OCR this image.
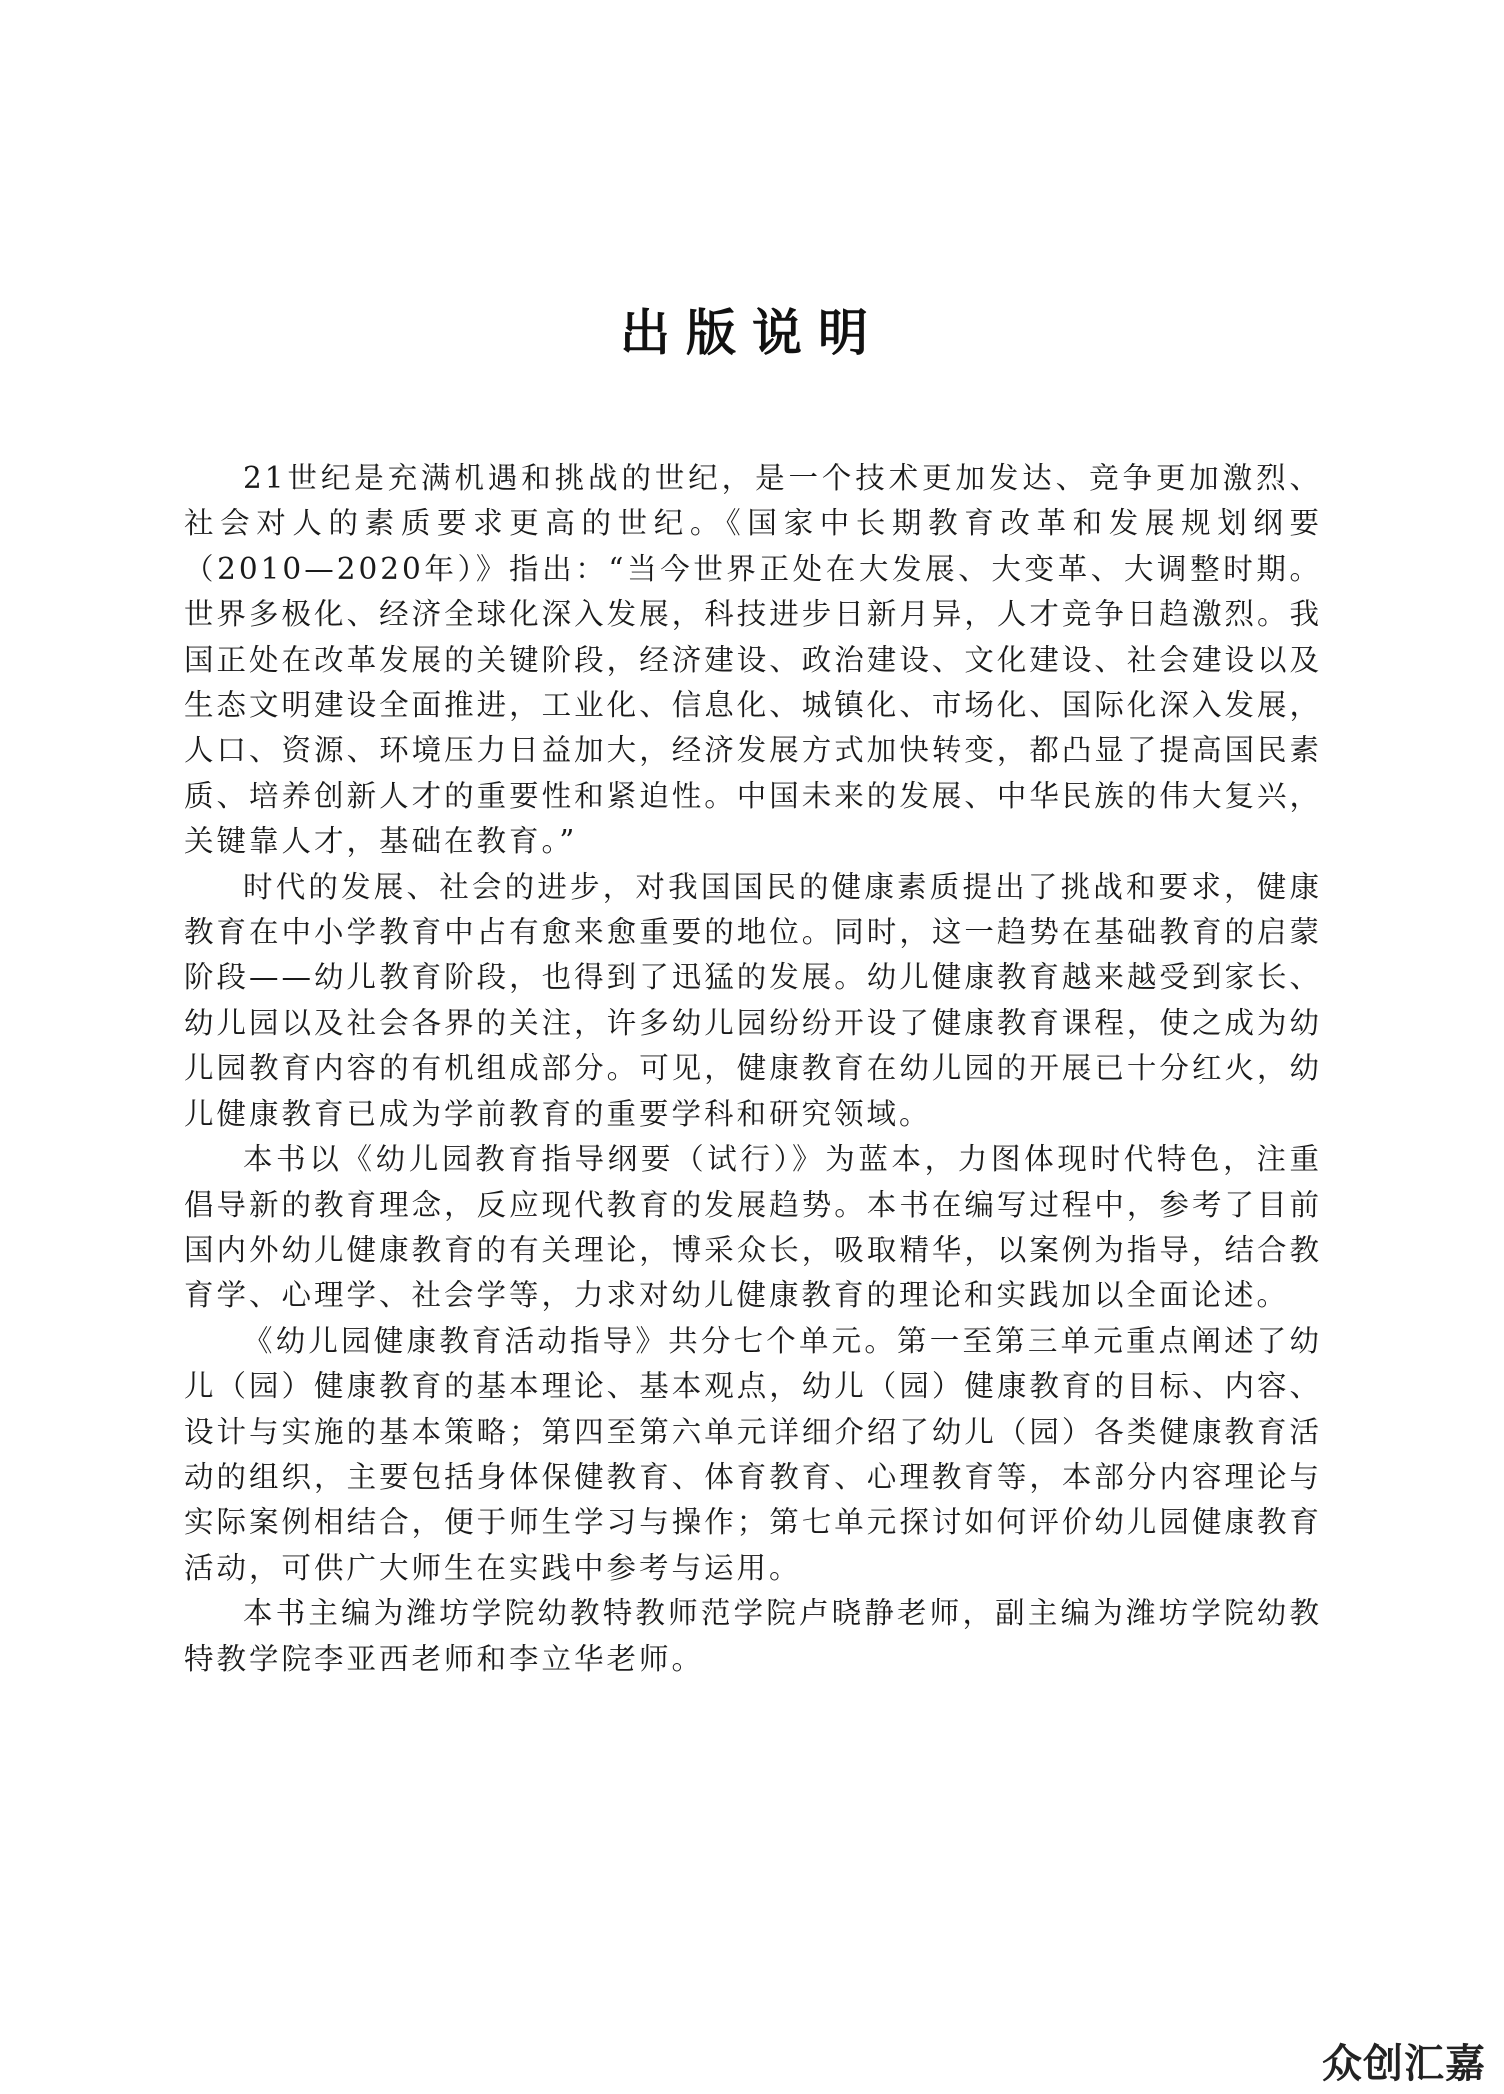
出版说明

21世纪是充满机遇和挑战的世纪，是一个技术更加发达、竞争更加激烈、社会对人的素质要求更高的世纪。《国家中长期教育改革和发展规划纲要（2010—2020年）》指出：“当今世界正处在大发展、大变革、大调整时期。世界多极化、经济全球化深入发展，科技进步日新月异，人才竞争日趋激烈。我国正处在改革发展的关键阶段，经济建设、政治建设、文化建设、社会建设以及生态文明建设全面推进，工业化、信息化、城镇化、市场化、国际化深入发展，人口、资源、环境压力日益加大，经济发展方式加快转变，都凸显了提高国民素质、培养创新人才的重要性和紧迫性。中国未来的发展、中华民族的伟大复兴，关键靠人才，基础在教育。”

时代的发展、社会的进步，对我国国民的健康素质提出了挑战和要求，健康教育在中小学教育中占有愈来愈重要的地位。同时，这一趋势在基础教育的启蒙阶段——幼儿教育阶段，也得到了迅猛的发展。幼儿健康教育越来越受到家长、幼儿园以及社会各界的关注，许多幼儿园纷纷开设了健康教育课程，使之成为幼儿园教育内容的有机组成部分。可见，健康教育在幼儿园的开展已十分红火，幼儿健康教育已成为学前教育的重要学科和研究领域。

本书以《幼儿园教育指导纲要（试行）》为蓝本，力图体现时代特色，注重倡导新的教育理念，反应现代教育的发展趋势。本书在编写过程中，参考了目前国内外幼儿健康教育的有关理论，博采众长，吸取精华，以案例为指导，结合教育学、心理学、社会学等，力求对幼儿健康教育的理论和实践加以全面论述。

《幼儿园健康教育活动指导》共分七个单元。第一至第三单元重点阐述了幼儿（园）健康教育的基本理论、基本观点，幼儿（园）健康教育的目标、内容、设计与实施的基本策略；第四至第六单元详细介绍了幼儿（园）各类健康教育活动的组织，主要包括身体保健教育、体育教育、心理教育等，本部分内容理论与实际案例相结合，便于师生学习与操作；第七单元探讨如何评价幼儿园健康教育活动，可供广大师生在实践中参考与运用。

本书主编为潍坊学院幼教特教师范学院卢晓静老师，副主编为潍坊学院幼教特教学院李亚西老师和李立华老师。

众创汇嘉
